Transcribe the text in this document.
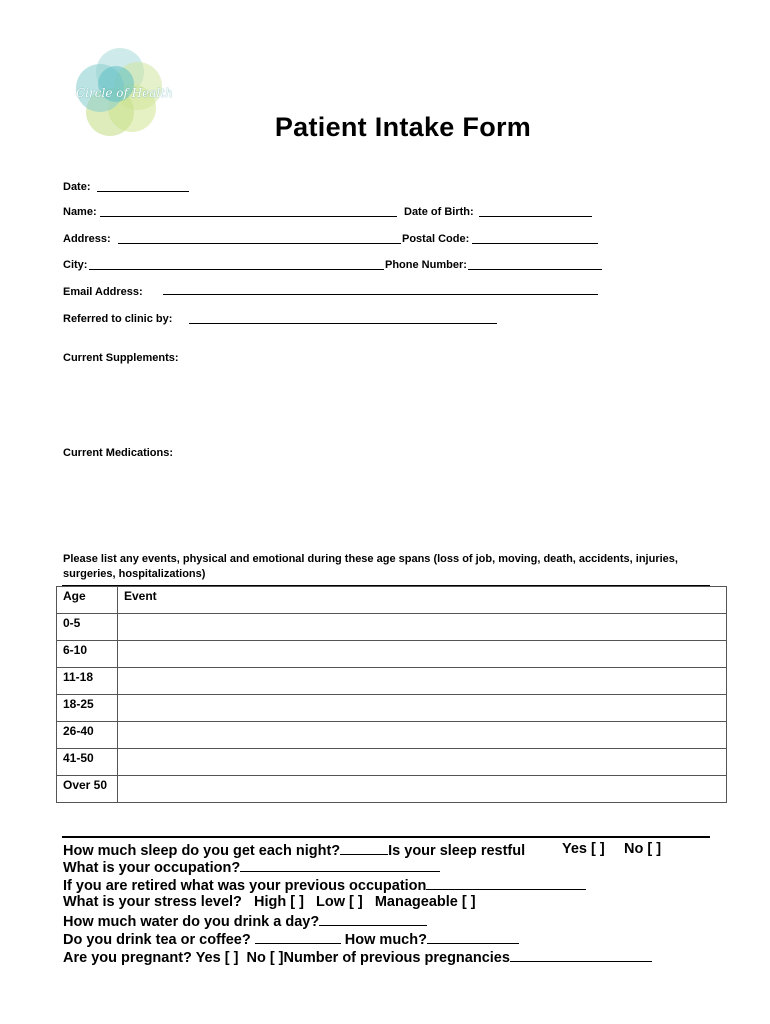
Circle of Health
Patient Intake Form
Date:
Name:	Date of Birth:
Address:	Postal Code:
City:	Phone Number:
Email Address:
Referred to clinic by:
Current Supplements:
Current Medications:
Please list any events, physical and emotional during these age spans (loss of job, moving, death, accidents, injuries, surgeries, hospitalizations)
Age	Event
0-5	
6-10	
11-18	
18-25	
26-40	
41-50	
Over 50	
How much sleep do you get each night?	Is your sleep restful	Yes [ ] No [ ]
What is your occupation?
If you are retired what was your previous occupation
What is your stress level? High [ ] Low [ ] Manageable [ ]
How much water do you drink a day?
Do you drink tea or coffee?	How much?
Are you pregnant? Yes [ ] No [ ]Number of previous pregnancies
